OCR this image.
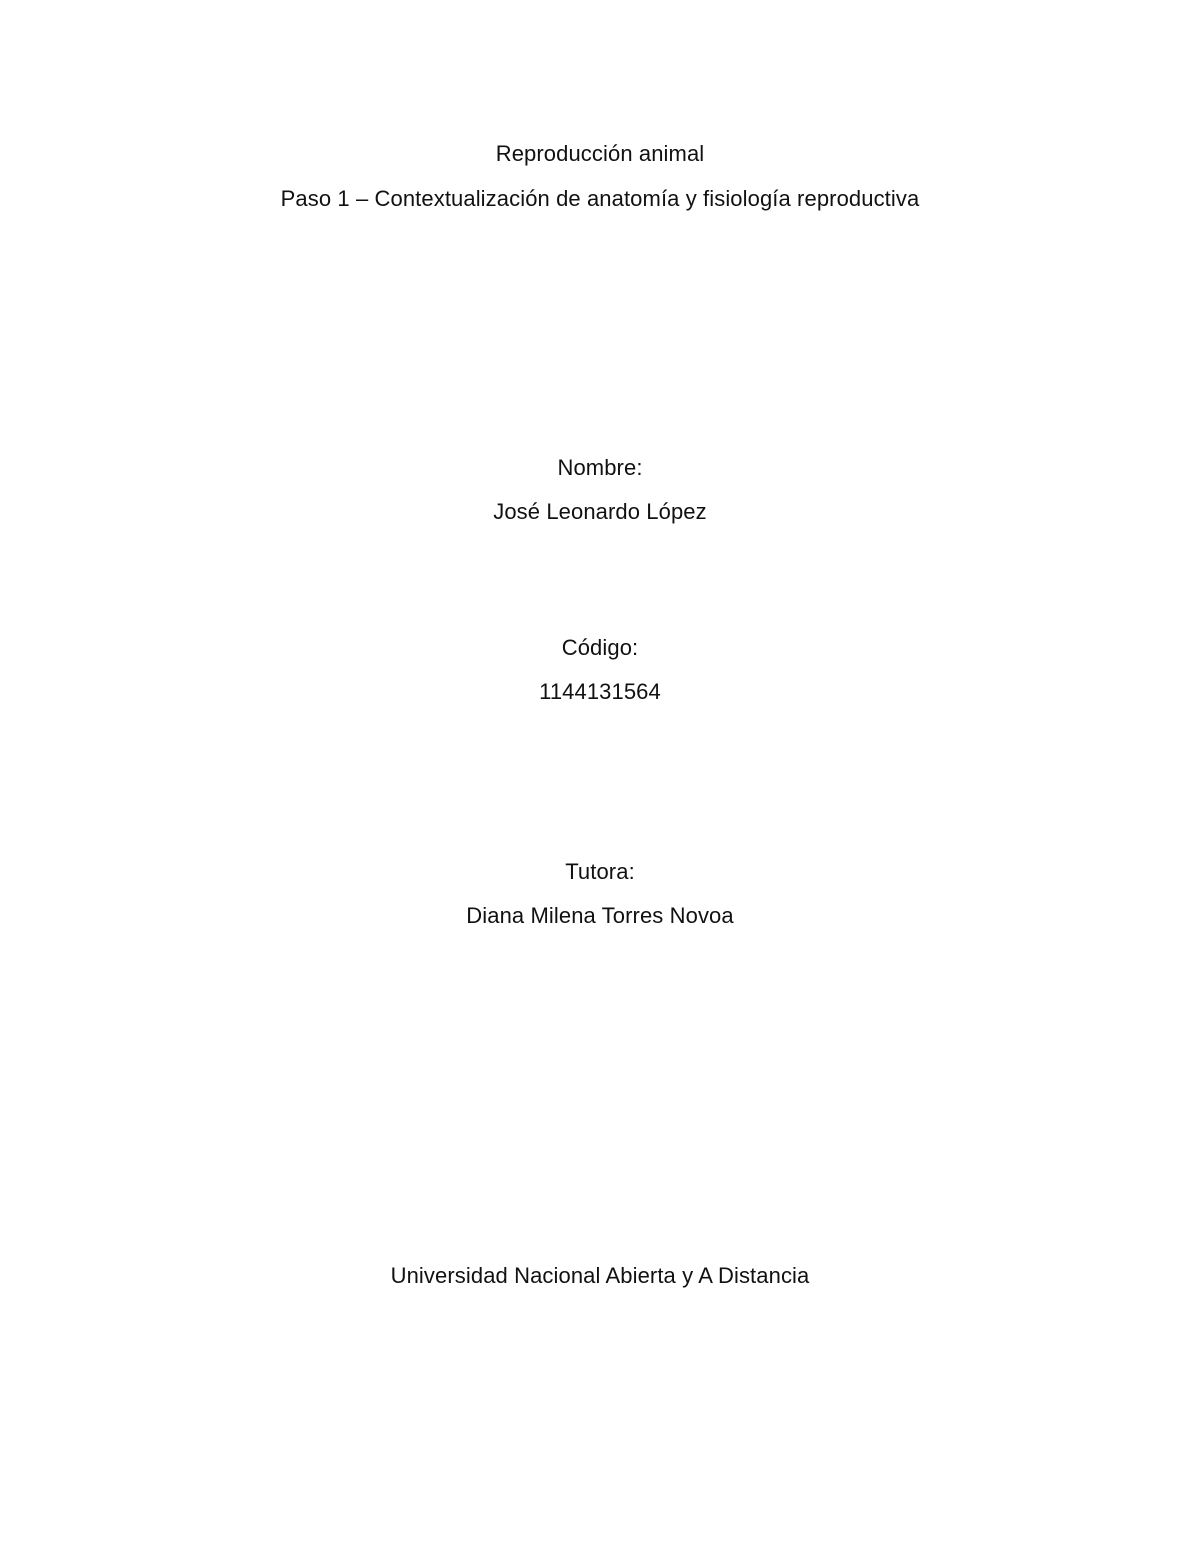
Reproducción animal
Paso 1 – Contextualización de anatomía y fisiología reproductiva
Nombre:
José Leonardo López
Código:
1144131564
Tutora:
Diana Milena Torres Novoa
Universidad Nacional Abierta y A Distancia
